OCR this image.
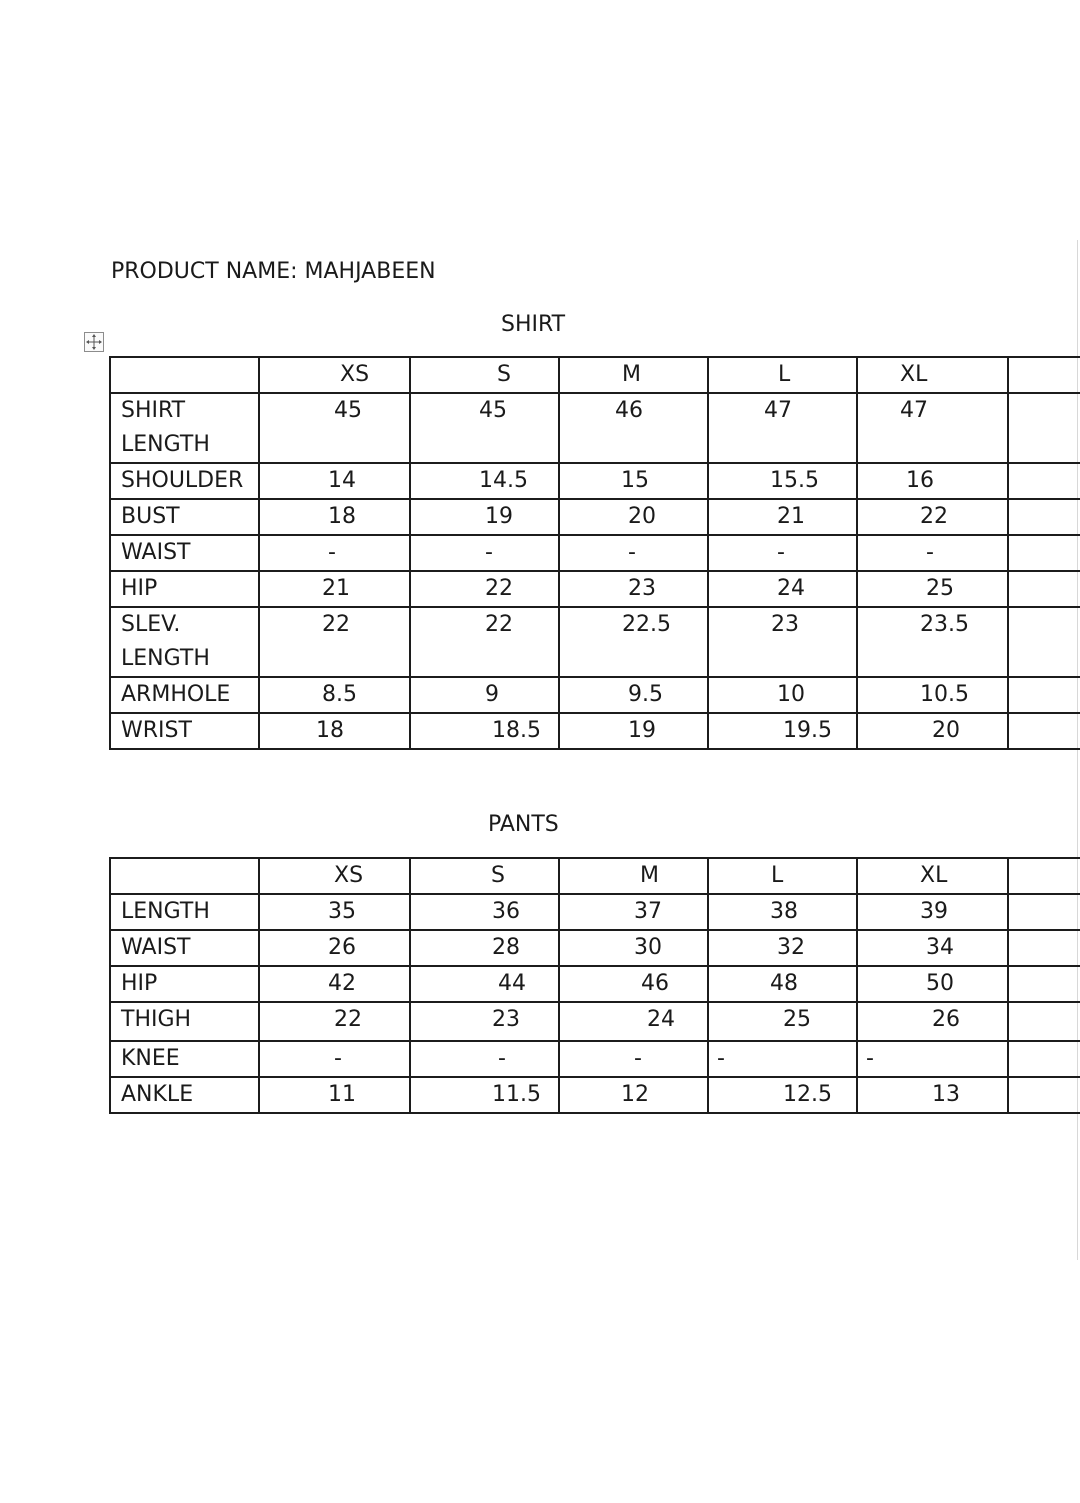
PRODUCT NAME: MAHJABEEN
SHIRT
	XS	S	M	L	XL	
SHIRT LENGTH	45	45	46	47	47	
SHOULDER	14	14.5	15	15.5	16	
BUST	18	19	20	21	22	
WAIST	-	-	-	-	-	
HIP	21	22	23	24	25	
SLEV. LENGTH	22	22	22.5	23	23.5	
ARMHOLE	8.5	9	9.5	10	10.5	
WRIST	18	18.5	19	19.5	20	
PANTS
	XS	S	M	L	XL	
LENGTH	35	36	37	38	39	
WAIST	26	28	30	32	34	
HIP	42	44	46	48	50	
THIGH	22	23	24	25	26	
KNEE	-	-	-	-	-	
ANKLE	11	11.5	12	12.5	13	
